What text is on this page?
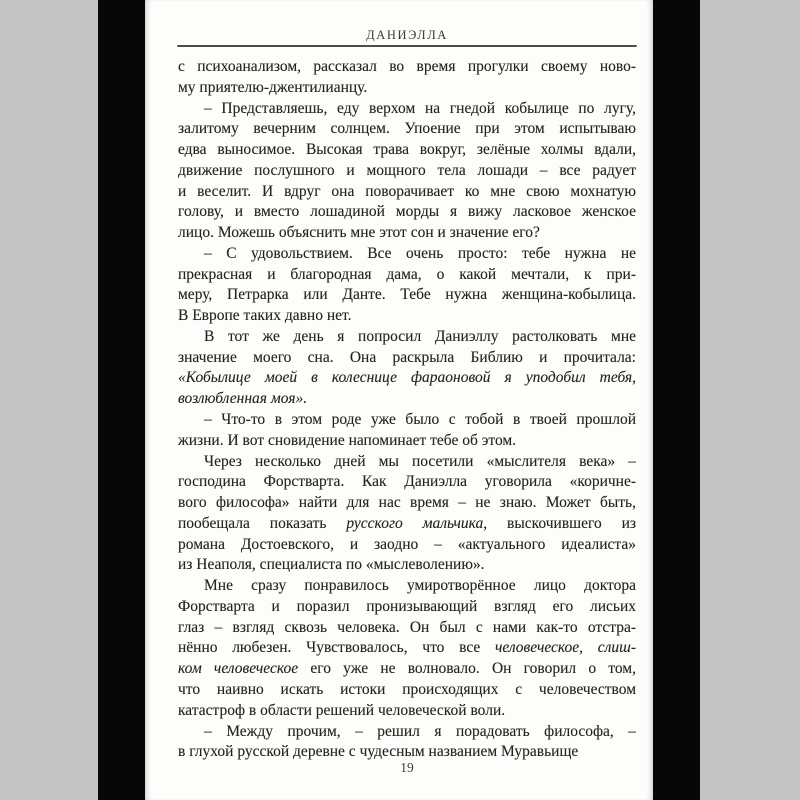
ДАНИЭЛЛА
с психоанализом, рассказал во время прогулки своему ново-
му приятелю-джентилианцу.
– Представляешь, еду верхом на гнедой кобылице по лугу,
залитому вечерним солнцем. Упоение при этом испытываю
едва выносимое. Высокая трава вокруг, зелёные холмы вдали,
движение послушного и мощного тела лошади – все радует
и веселит. И вдруг она поворачивает ко мне свою мохнатую
голову, и вместо лошадиной морды я вижу ласковое женское
лицо. Можешь объяснить мне этот сон и значение его?
– С удовольствием. Все очень просто: тебе нужна не
прекрасная и благородная дама, о какой мечтали, к при-
меру, Петрарка или Данте. Тебе нужна женщина-кобылица.
В Европе таких давно нет.
В тот же день я попросил Даниэллу растолковать мне
значение моего сна. Она раскрыла Библию и прочитала:
«Кобылице моей в колеснице фараоновой я уподобил тебя,
возлюбленная моя».
– Что-то в этом роде уже было с тобой в твоей прошлой
жизни. И вот сновидение напоминает тебе об этом.
Через несколько дней мы посетили «мыслителя века» –
господина Форстварта. Как Даниэлла уговорила «коричне-
вого философа» найти для нас время – не знаю. Может быть,
пообещала показать русского мальчика, выскочившего из
романа Достоевского, и заодно – «актуального идеалиста»
из Неаполя, специалиста по «мыслеволению».
Мне сразу понравилось умиротворённое лицо доктора
Форстварта и поразил пронизывающий взгляд его лисьих
глаз – взгляд сквозь человека. Он был с нами как-то отстра-
нённо любезен. Чувствовалось, что все человеческое, слиш-
ком человеческое его уже не волновало. Он говорил о том,
что наивно искать истоки происходящих с человечеством
катастроф в области решений человеческой воли.
– Между прочим, – решил я порадовать философа, –
в глухой русской деревне с чудесным названием Муравьище
19
